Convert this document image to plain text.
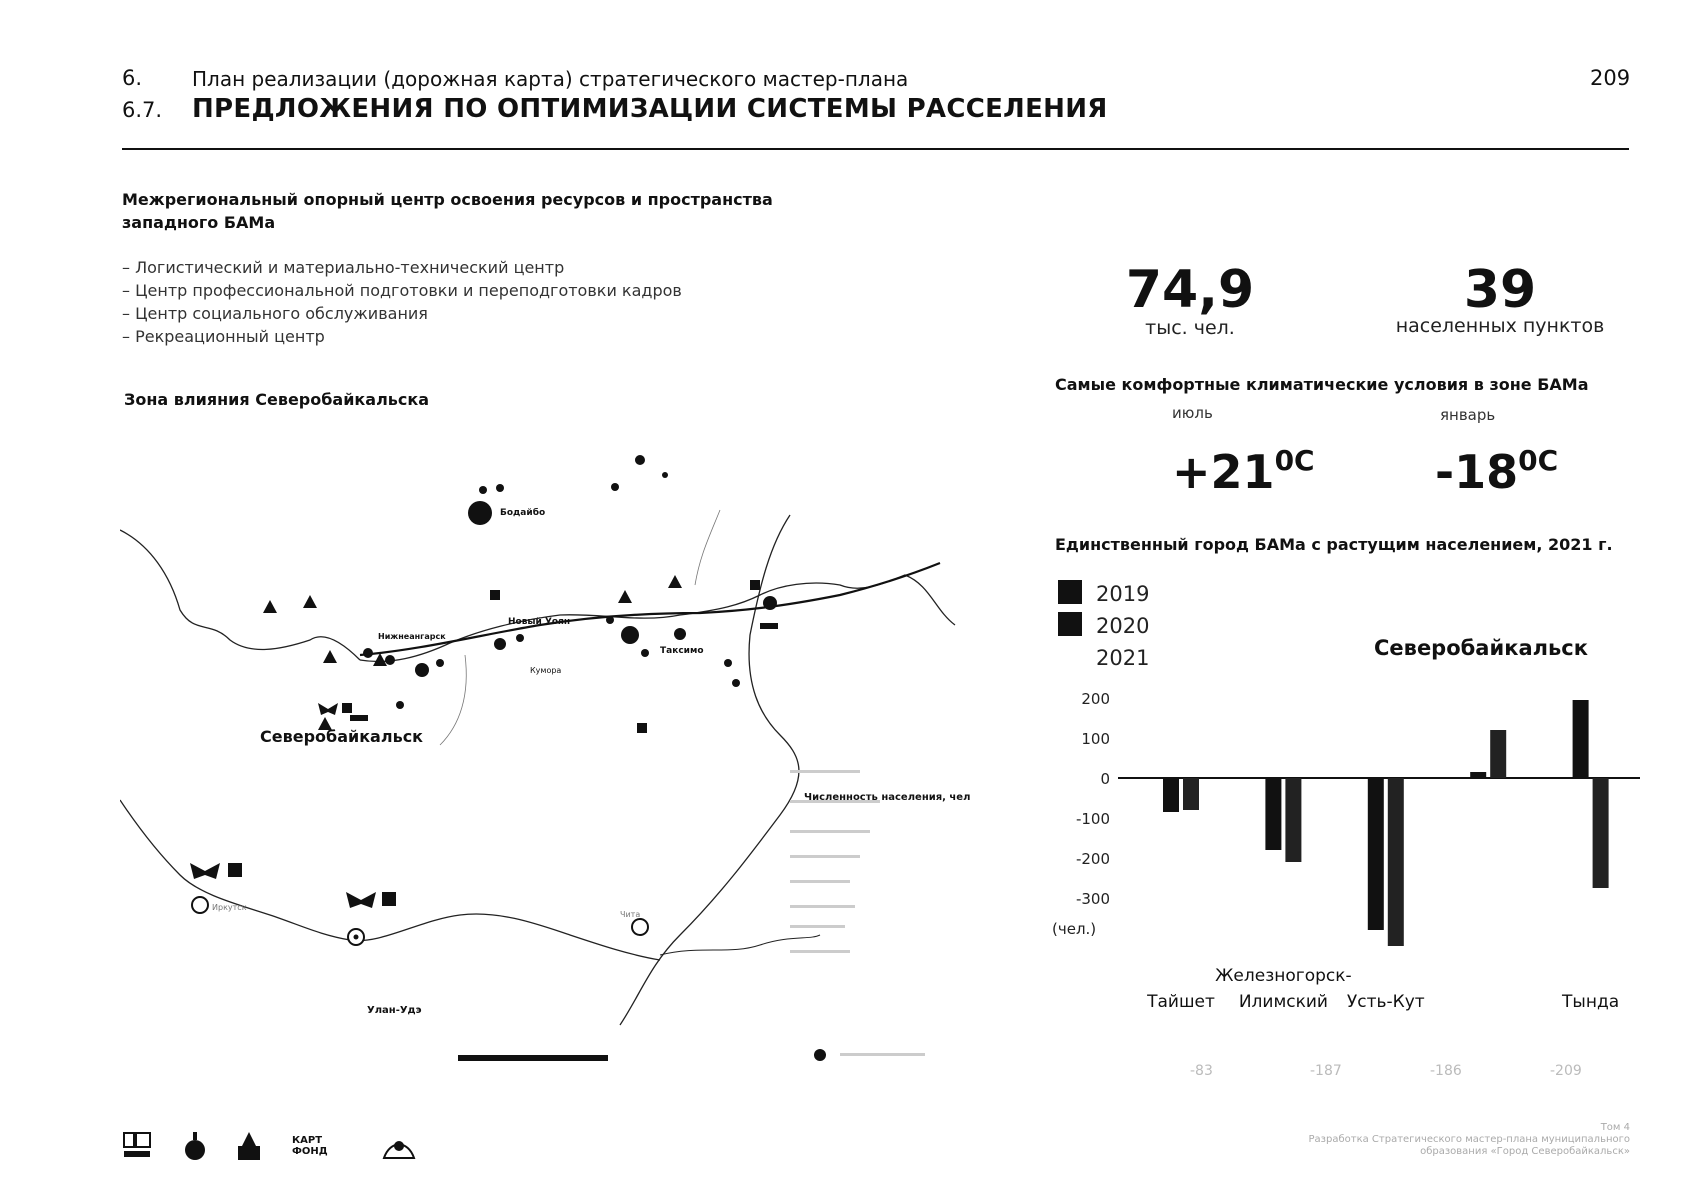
6. План реализации (дорожная карта) стратегического мастер-плана
6.7. ПРЕДЛОЖЕНИЯ ПО ОПТИМИЗАЦИИ СИСТЕМЫ РАССЕЛЕНИЯ
209
Межрегиональный опорный центр освоения ресурсов и пространства
западного БАМа
– Логистический и материально-технический центр
– Центр профессиональной подготовки и переподготовки кадров
– Центр социального обслуживания
– Рекреационный центр
Зона влияния Северобайкальска
Бодайбо
Новый Уоян
Таксимо
Нижнеангарск
Улан-Удэ
Иркутск
Чита
Куморa
Северобайкальск
Численность населения, чел
74,9
тыс. чел.
39
населенных пунктов
Самые комфортные климатические условия в зоне БАМа
июль	январь
$+21^{0С}$	$-18^{0С}$
Единственный город БАМа с растущим населением, 2021 г.
2019
2020
2021	Северобайкальск
200
100
0
-100
-200
-300
(чел.)
Тайшет
Железногорск-
Илимский Усть-Кут	Тында
-83	-187	-186	-209
КАРТ ФОНД
Том 4
Разработка Стратегического мастер-плана муниципального
образования «Город Северобайкальск»
